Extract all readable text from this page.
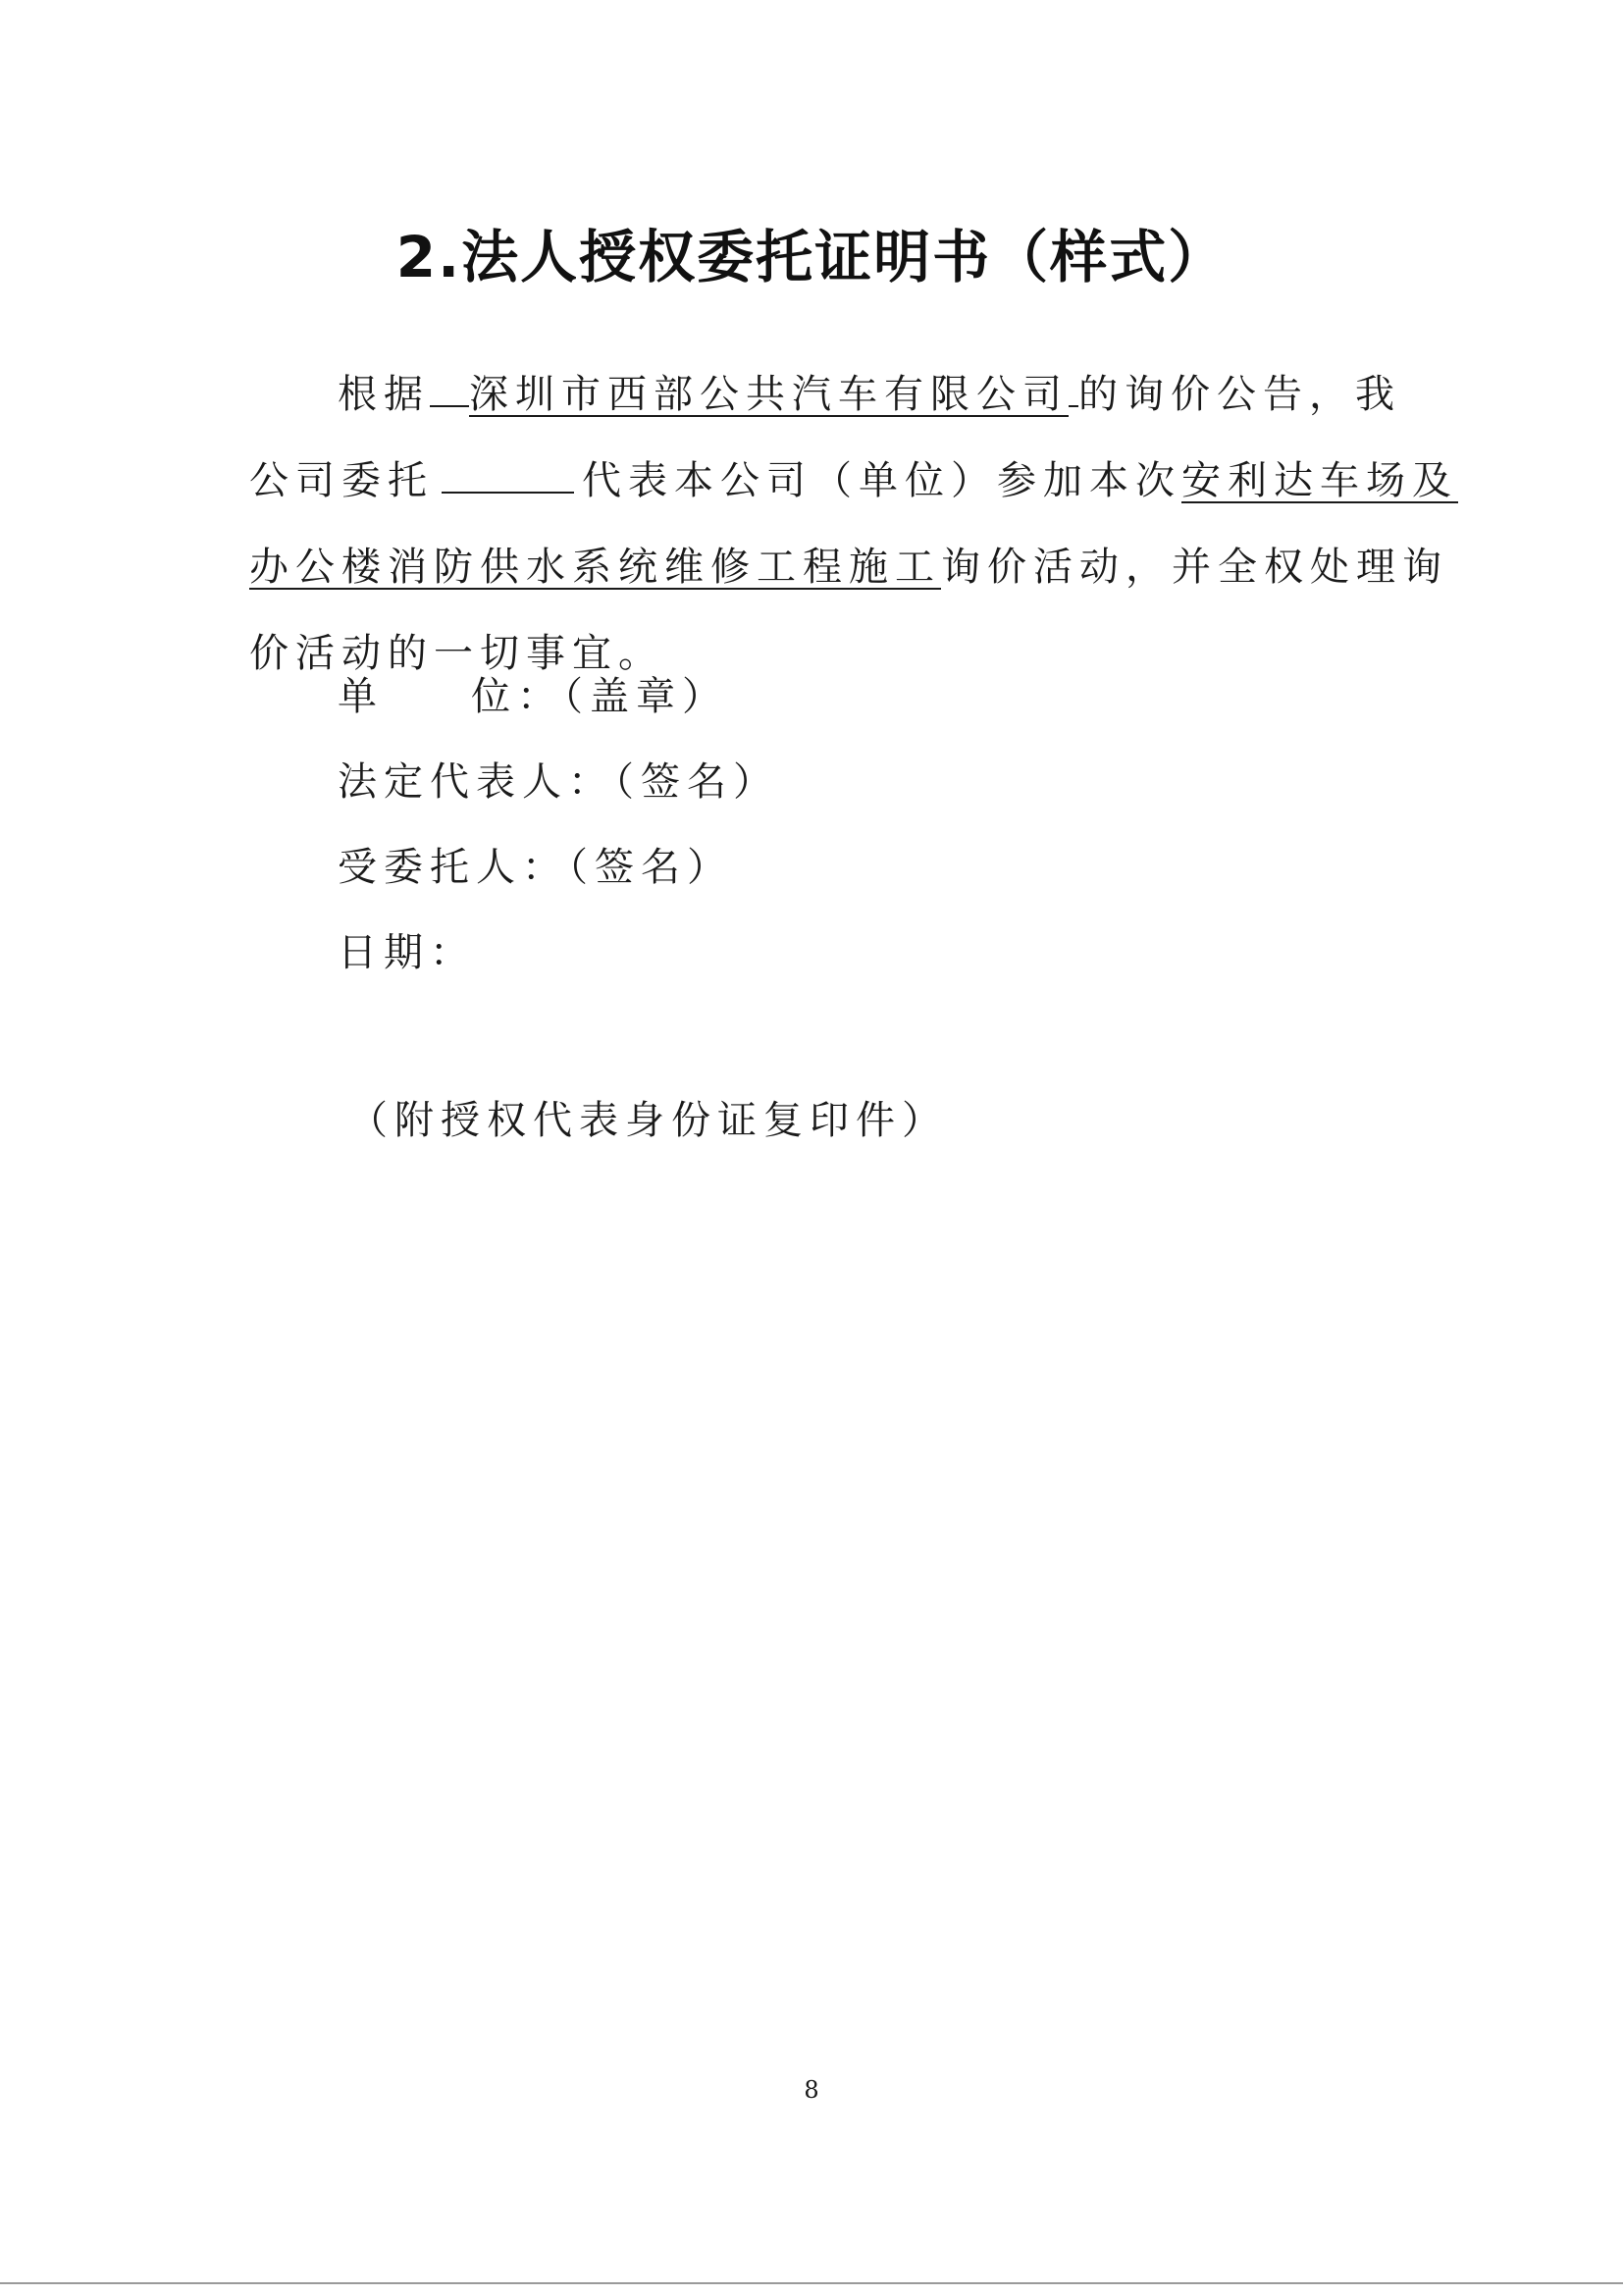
2.法人授权委托证明书（样式）
根据 深圳市西部公共汽车有限公司 的询价公告，我
公司委托	代表本公司（单位）参加本次安利达车场及
办公楼消防供水系统维修工程施工询价活动，并全权处理询
价活动的一切事宜。
单 位：（盖章）
法定代表人：（签名）
受委托人：（签名）
日期：
（附授权代表身份证复印件）
8
